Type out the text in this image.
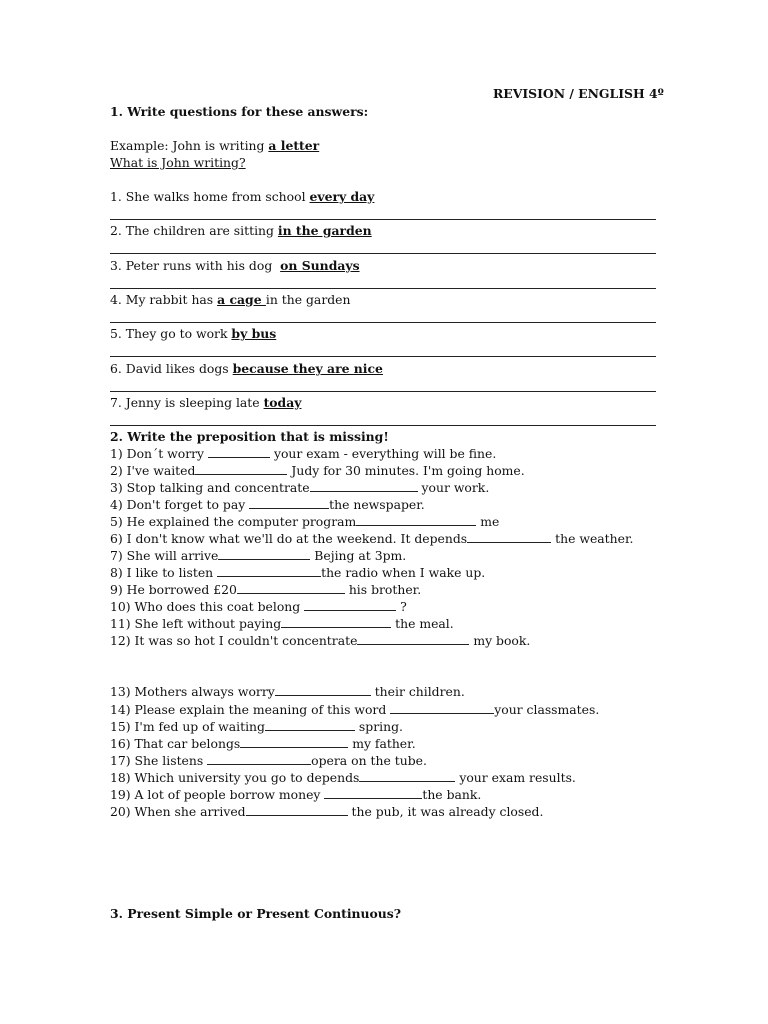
REVISION / ENGLISH 4º
1. Write questions for these answers:
Example: John is writing a letter
What is John writing?
1. She walks home from school every day
2. The children are sitting in the garden
3. Peter runs with his dog  on Sundays
4. My rabbit has a cage in the garden
5. They go to work by bus
6. David likes dogs because they are nice
7. Jenny is sleeping late today
2. Write the preposition that is missing!
1) Don´t worry	your exam - everything will be fine.
2) I've waited	Judy for 30 minutes. I'm going home.
3) Stop talking and concentrate	your work.
4) Don't forget to pay	the newspaper.
5) He explained the computer program	me
6) I don't know what we'll do at the weekend. It depends	the weather.
7) She will arrive	Bejing at 3pm.
8) I like to listen	the radio when I wake up.
9) He borrowed £20	his brother.
10) Who does this coat belong	?
11) She left without paying	the meal.
12) It was so hot I couldn't concentrate	my book.
13) Mothers always worry	their children.
14) Please explain the meaning of this word	your classmates.
15) I'm fed up of waiting	spring.
16) That car belongs	my father.
17) She listens	opera on the tube.
18) Which university you go to depends	your exam results.
19) A lot of people borrow money	the bank.
20) When she arrived	the pub, it was already closed.
3. Present Simple or Present Continuous?
